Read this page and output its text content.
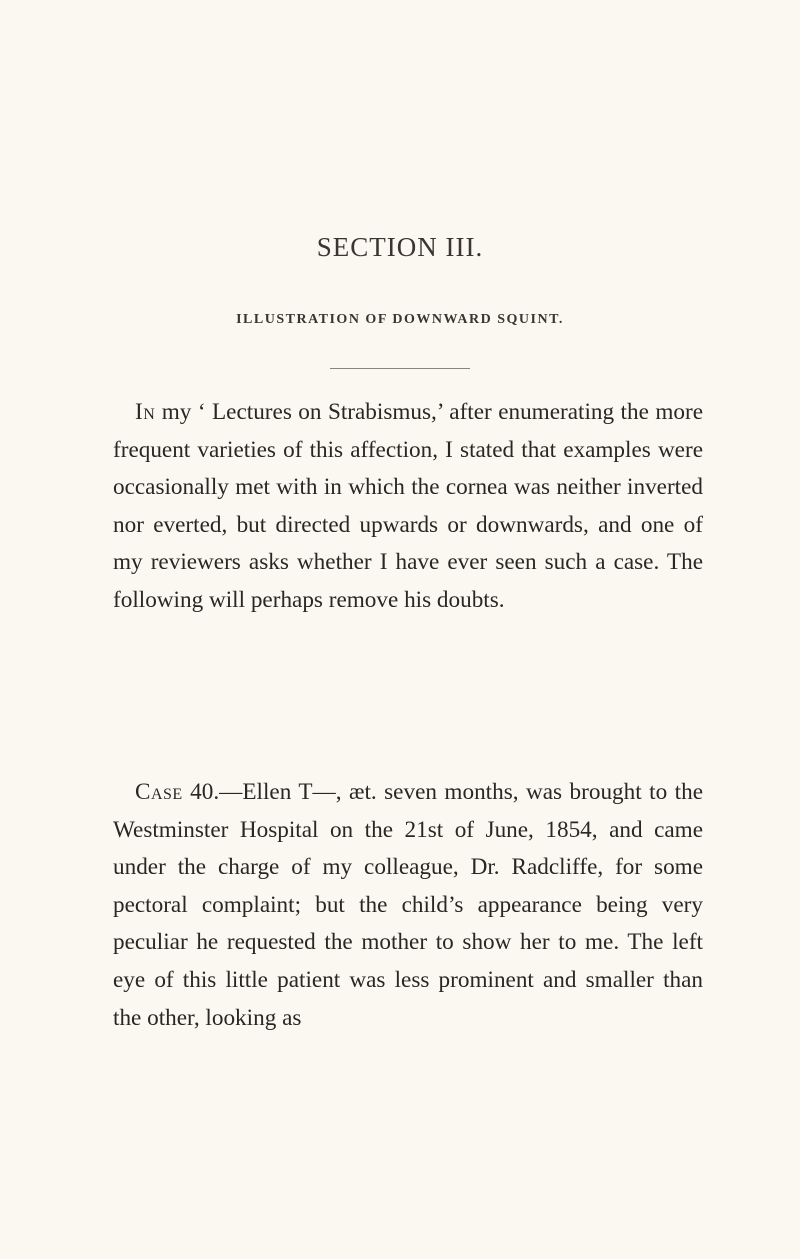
SECTION III.
ILLUSTRATION OF DOWNWARD SQUINT.

In my ‘ Lectures on Strabismus,’ after enumerating the more frequent varieties of this affection, I stated that examples were occasionally met with in which the cornea was neither inverted nor everted, but directed upwards or downwards, and one of my reviewers asks whether I have ever seen such a case. The following will perhaps remove his doubts.

Case 40.—Ellen T—, æt. seven months, was brought to the Westminster Hospital on the 21st of June, 1854, and came under the charge of my colleague, Dr. Radcliffe, for some pectoral complaint; but the child’s appearance being very peculiar he requested the mother to show her to me. The left eye of this little patient was less prominent and smaller than the other, looking as
